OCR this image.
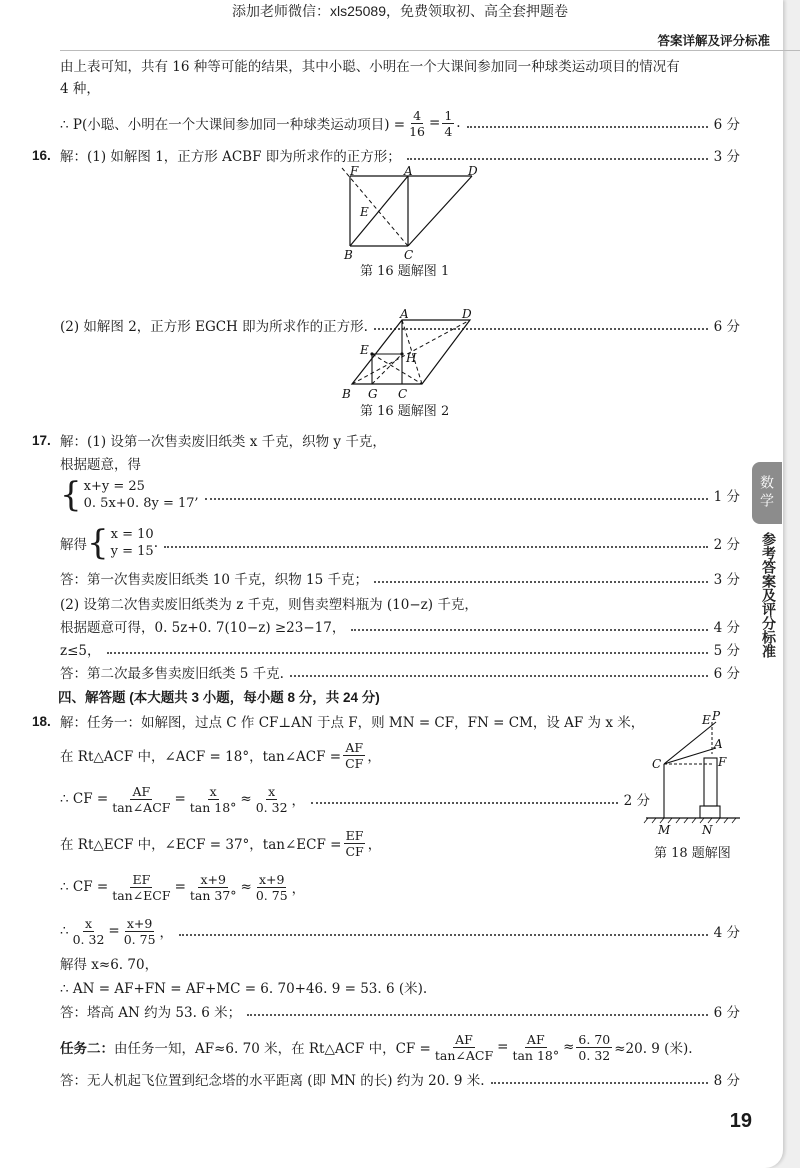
添加老师微信：xls25089，免费领取初、高全套押题卷
答案详解及评分标准
由上表可知，共有 16 种等可能的结果，其中小聪、小明在一个大课间参加同一种球类运动项目的情况有
4 种，
∴ P(小聪、小明在一个大课间参加同一种球类运动项目) = $\frac{4}{16} = \frac{1}{4}$ .	6 分
16. 解：(1) 如解图 1，正方形 ACBF 即为所求作的正方形；	3 分
F	A	D
E
B	C
第 16 题解图 1
(2) 如解图 2，正方形 EGCH 即为所求作的正方形.	6 分
A	D
E
H
B G C
第 16 题解图 2
17. 解：(1) 设第一次售卖废旧纸类 x 千克，织物 y 千克，
根据题意，得
{ x+y = 25
0. 5x+0. 8y = 17
,	1 分
解得 { x = 10
y = 15
.	2 分
答：第一次售卖废旧纸类 10 千克，织物 15 千克；	3 分
(2) 设第二次售卖废旧纸类为 z 千克，则售卖塑料瓶为 (10−z) 千克，
根据题意可得，0. 5z+0. 7(10−z) ≥23−17，	4 分
z≤5，	5 分
答：第二次最多售卖废旧纸类 5 千克.	6 分
四、解答题 (本大题共 3 小题，每小题 8 分，共 24 分)
18. 解：任务一：如解图，过点 C 作 CF⊥AN 于点 F，则 MN = CF，FN = CM，设 AF 为 x 米，
在 Rt△ACF 中，∠ACF = 18°，tan∠ACF = $\frac{AF}{CF}$ ，
∴ CF = $\frac{AF}{\text{tan∠ACF}} = \frac{x}{\tan 18^\circ} \approx \frac{x}{0. 32}$ ，	2 分
在 Rt△ECF 中，∠ECF = 37°，tan∠ECF = $\frac{EF}{CF}$ ，
∴ CF = $\frac{EF}{\text{tan∠ECF}} = \frac{x+9}{\tan 37^\circ} \approx \frac{x+9}{0. 75}$ ，
∴ $\frac{x}{0. 32} = \frac{x+9}{0. 75}$ ，	4 分
解得 x≈6. 70，
∴ AN = AF+FN = AF+MC = 6. 70+46. 9 = 53. 6 (米).
答：塔高 AN 约为 53. 6 米；	6 分
任务二： 由任务一知，AF≈6. 70 米，在 Rt△ACF 中，CF = $\frac{AF}{\text{tan∠ACF}} = \frac{AF}{\tan 18^\circ} \approx \frac{6. 70}{0. 32} \approx 20$. 9 (米).
答：无人机起飞位置到纪念塔的水平距离 (即 MN 的长) 约为 20. 9 米.	8 分
E P
A
C	F
M	N
第 18 题解图
数学
参考答案及评分标准
19
